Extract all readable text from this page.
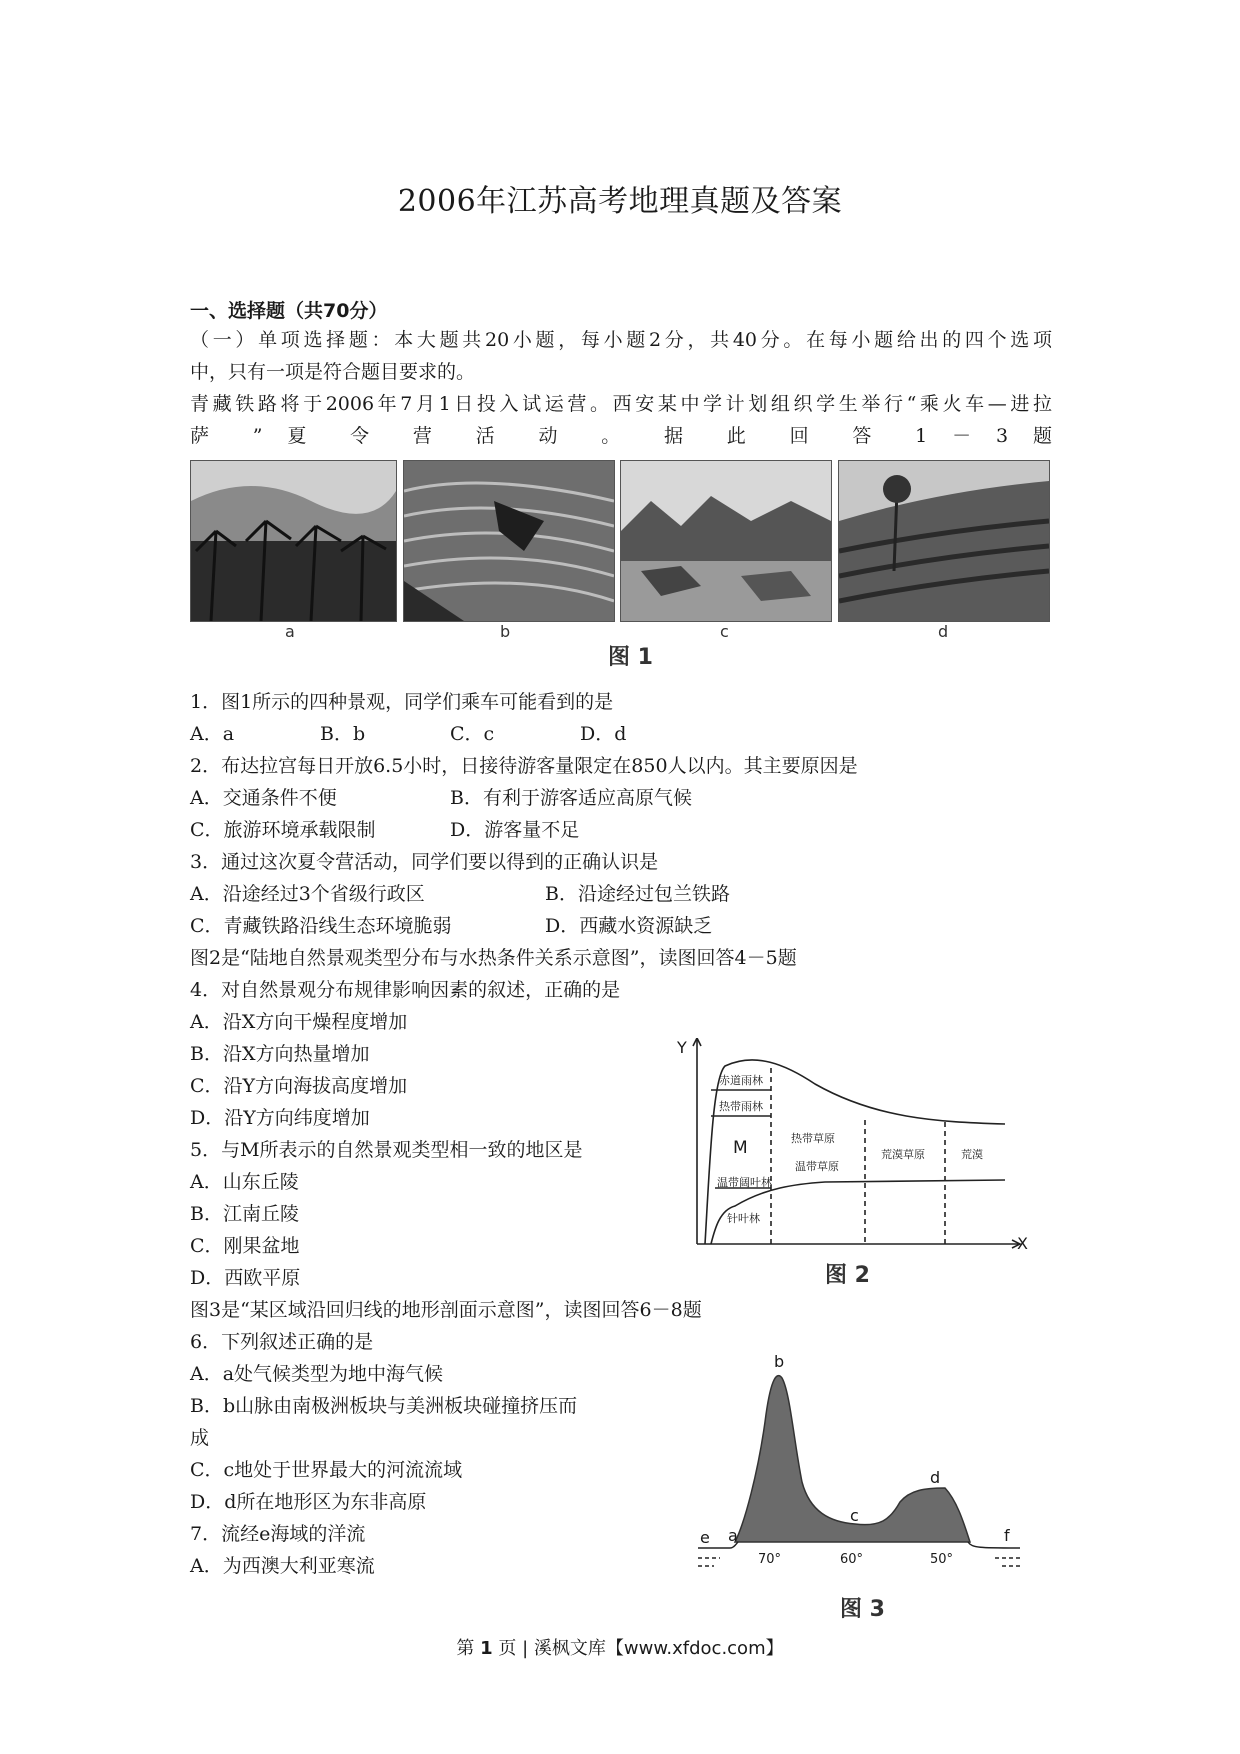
2006年江苏高考地理真题及答案
一、选择题（共70分）
（一）单项选择题：本大题共20小题，每小题2分，共40分。在每小题给出的四个选项
中，只有一项是符合题目要求的。
青藏铁路将于2006年7月1日投入试运营。西安某中学计划组织学生举行“乘火车—进拉
萨 ” 夏 令 营 活 动 。 据 此 回 答 1 － 3 题
a	b	c	d
图 1
1．图1所示的四种景观，同学们乘车可能看到的是
A．a	B．b	C．c	D．d
2．布达拉宫每日开放6.5小时，日接待游客量限定在850人以内。其主要原因是
A．交通条件不便	B．有利于游客适应高原气候
C．旅游环境承载限制	D．游客量不足
3．通过这次夏令营活动，同学们要以得到的正确认识是
A．沿途经过3个省级行政区	B．沿途经过包兰铁路
C．青藏铁路沿线生态环境脆弱	D．西藏水资源缺乏
图2是“陆地自然景观类型分布与水热条件关系示意图”，读图回答4－5题
4．对自然景观分布规律影响因素的叙述，正确的是
A．沿X方向干燥程度增加
B．沿X方向热量增加
C．沿Y方向海拔高度增加
D．沿Y方向纬度增加
5．与M所表示的自然景观类型相一致的地区是
A．山东丘陵
B．江南丘陵
C．刚果盆地
D．西欧平原
Y
X
赤道雨林
热带雨林
热带草原
M
温带草原
荒漠草原	荒漠
温带阔叶林
针叶林
图 2
图3是“某区域沿回归线的地形剖面示意图”，读图回答6－8题
6．下列叙述正确的是
A．a处气候类型为地中海气候
B．b山脉由南极洲板块与美洲板块碰撞挤压而
成
C．c地处于世界最大的河流流域
D．d所在地形区为东非高原
7．流经e海域的洋流
A．为西澳大利亚寒流
b
a
c
d
e	f
70°	60°	50°
图 3
第 1 页 | 溪枫文库【www.xfdoc.com】
